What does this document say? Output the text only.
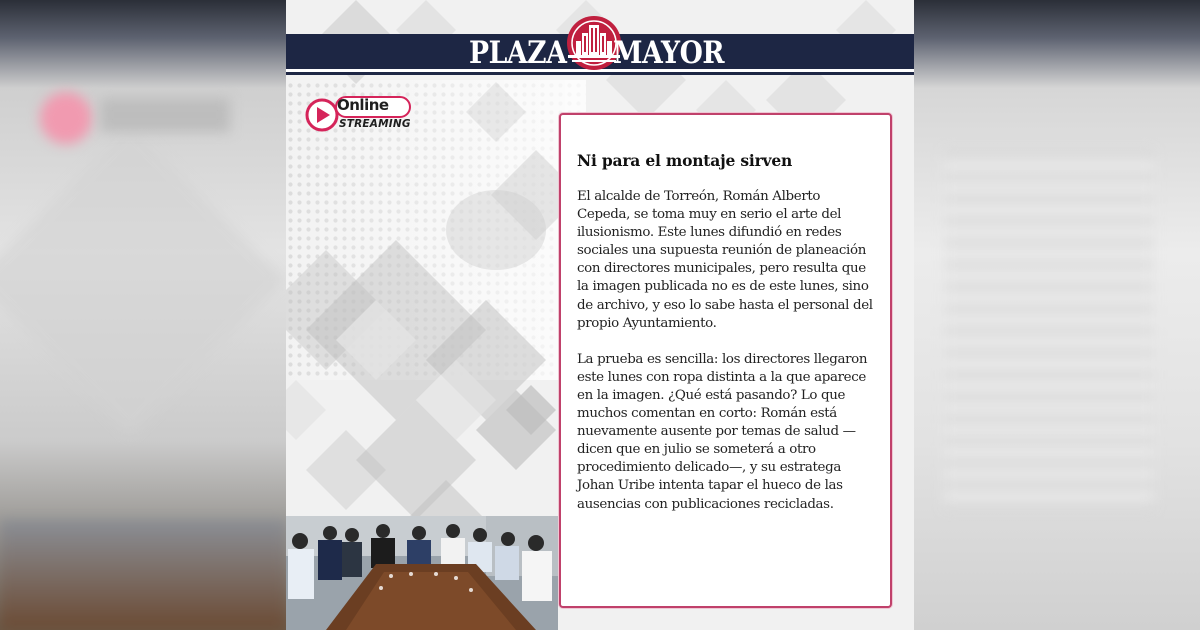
PLAZA MAYOR
Online
STREAMING
Ni para el montaje sirven

El alcalde de Torreón, Román Alberto Cepeda, se toma muy en serio el arte del ilusionismo. Este lunes difundió en redes sociales una supuesta reunión de planeación con directores municipales, pero resulta que la imagen publicada no es de este lunes, sino de archivo, y eso lo sabe hasta el personal del propio Ayuntamiento.

La prueba es sencilla: los directores llegaron este lunes con ropa distinta a la que aparece en la imagen. ¿Qué está pasando? Lo que muchos comentan en corto: Román está nuevamente ausente por temas de salud —dicen que en julio se someterá a otro procedimiento delicado—, y su estratega Johan Uribe intenta tapar el hueco de las ausencias con publicaciones recicladas.
